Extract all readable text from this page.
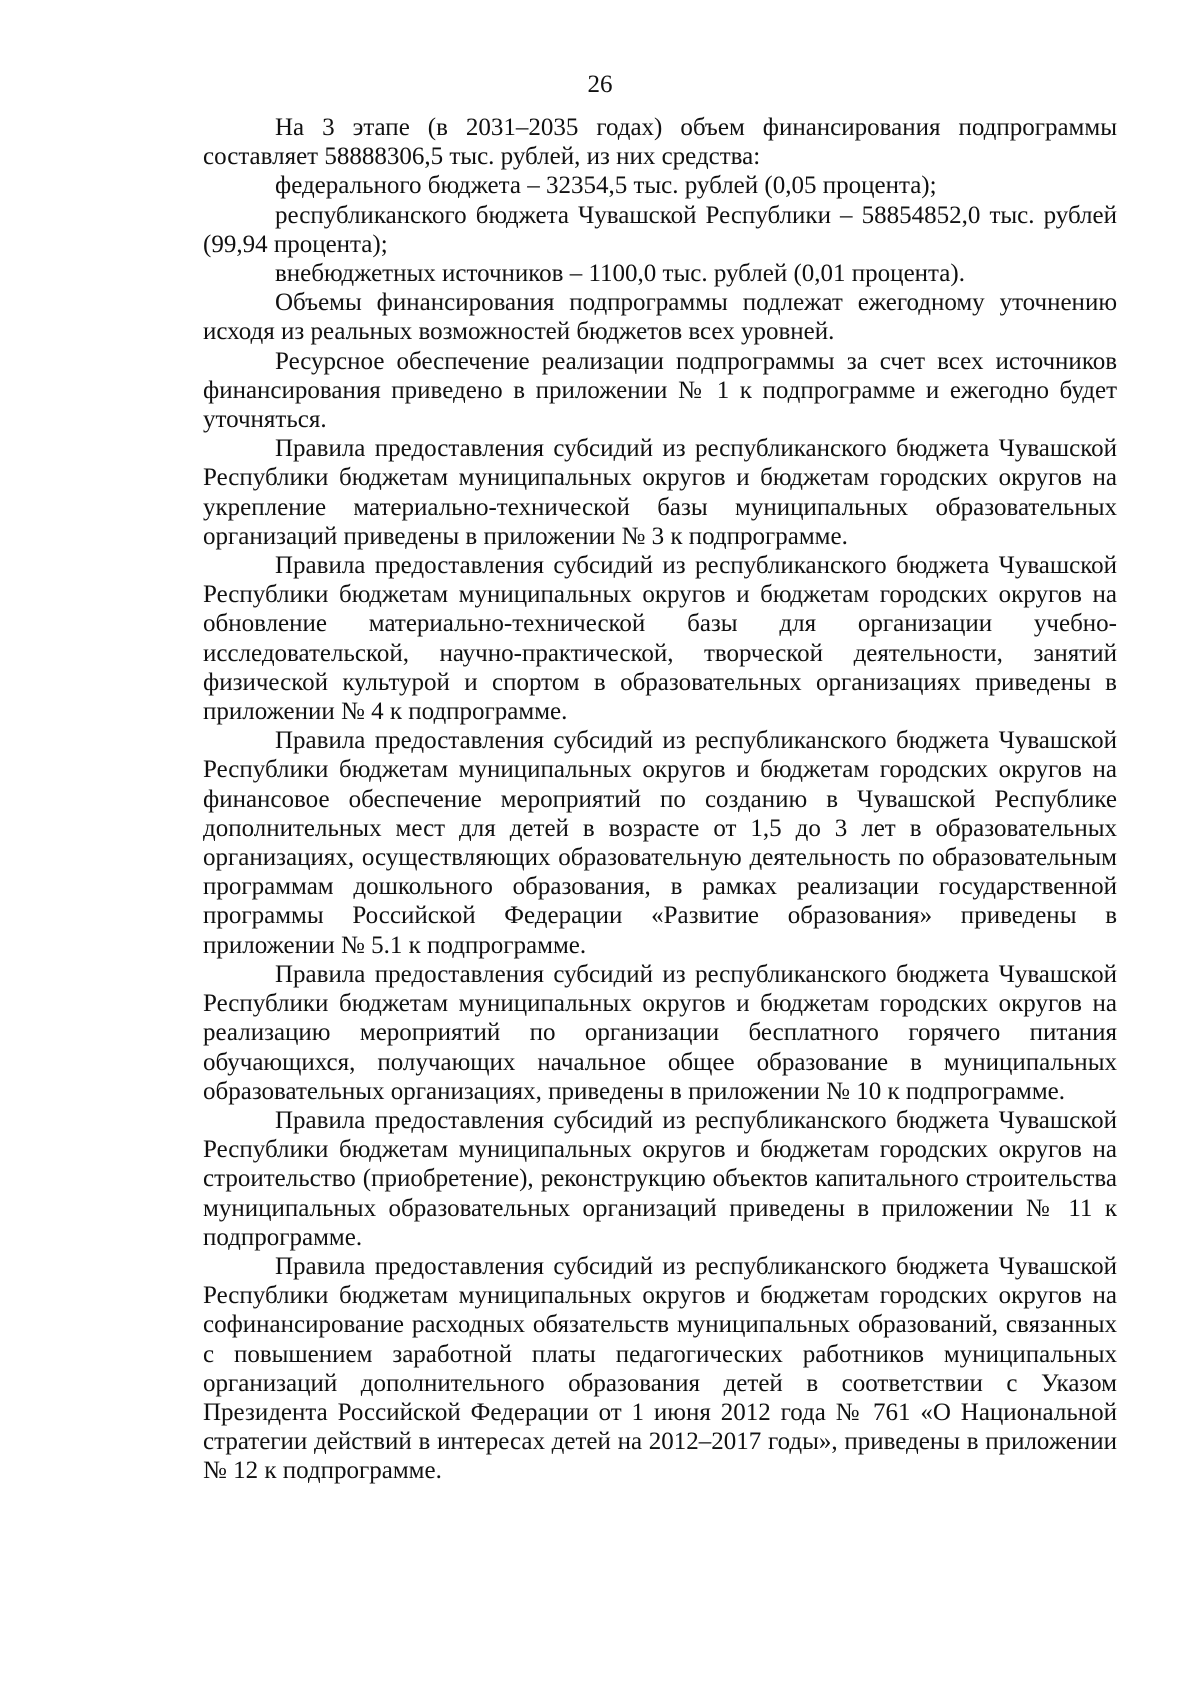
26

На 3 этапе (в 2031–2035 годах) объем финансирования подпрограммы составляет 58888306,5 тыс. рублей, из них средства:

федерального бюджета – 32354,5 тыс. рублей (0,05 процента);

республиканского бюджета Чувашской Республики – 58854852,0 тыс. рублей (99,94 процента);

внебюджетных источников – 1100,0 тыс. рублей (0,01 процента).

Объемы финансирования подпрограммы подлежат ежегодному уточнению исходя из реальных возможностей бюджетов всех уровней.

Ресурсное обеспечение реализации подпрограммы за счет всех источников финансирования приведено в приложении № 1 к подпрограмме и ежегодно будет уточняться.

Правила предоставления субсидий из республиканского бюджета Чувашской Республики бюджетам муниципальных округов и бюджетам городских округов на укрепление материально-технической базы муниципальных образовательных организаций приведены в приложении № 3 к подпрограмме.

Правила предоставления субсидий из республиканского бюджета Чувашской Республики бюджетам муниципальных округов и бюджетам городских округов на обновление материально-технической базы для организации учебно-исследовательской, научно-практической, творческой деятельности, занятий физической культурой и спортом в образовательных организациях приведены в приложении № 4 к подпрограмме.

Правила предоставления субсидий из республиканского бюджета Чувашской Республики бюджетам муниципальных округов и бюджетам городских округов на финансовое обеспечение мероприятий по созданию в Чувашской Республике дополнительных мест для детей в возрасте от 1,5 до 3 лет в образовательных организациях, осуществляющих образовательную деятельность по образовательным программам дошкольного образования, в рамках реализации государственной программы Российской Федерации «Развитие образования» приведены в приложении № 5.1 к подпрограмме.

Правила предоставления субсидий из республиканского бюджета Чувашской Республики бюджетам муниципальных округов и бюджетам городских округов на реализацию мероприятий по организации бесплатного горячего питания обучающихся, получающих начальное общее образование в муниципальных образовательных организациях, приведены в приложении № 10 к подпрограмме.

Правила предоставления субсидий из республиканского бюджета Чувашской Республики бюджетам муниципальных округов и бюджетам городских округов на строительство (приобретение), реконструкцию объектов капитального строительства муниципальных образовательных организаций приведены в приложении № 11 к подпрограмме.

Правила предоставления субсидий из республиканского бюджета Чувашской Республики бюджетам муниципальных округов и бюджетам городских округов на софинансирование расходных обязательств муниципальных образований, связанных с повышением заработной платы педагогических работников муниципальных организаций дополнительного образования детей в соответствии с Указом Президента Российской Федерации от 1 июня 2012 года № 761 «О Национальной стратегии действий в интересах детей на 2012–2017 годы», приведены в приложении № 12 к подпрограмме.
